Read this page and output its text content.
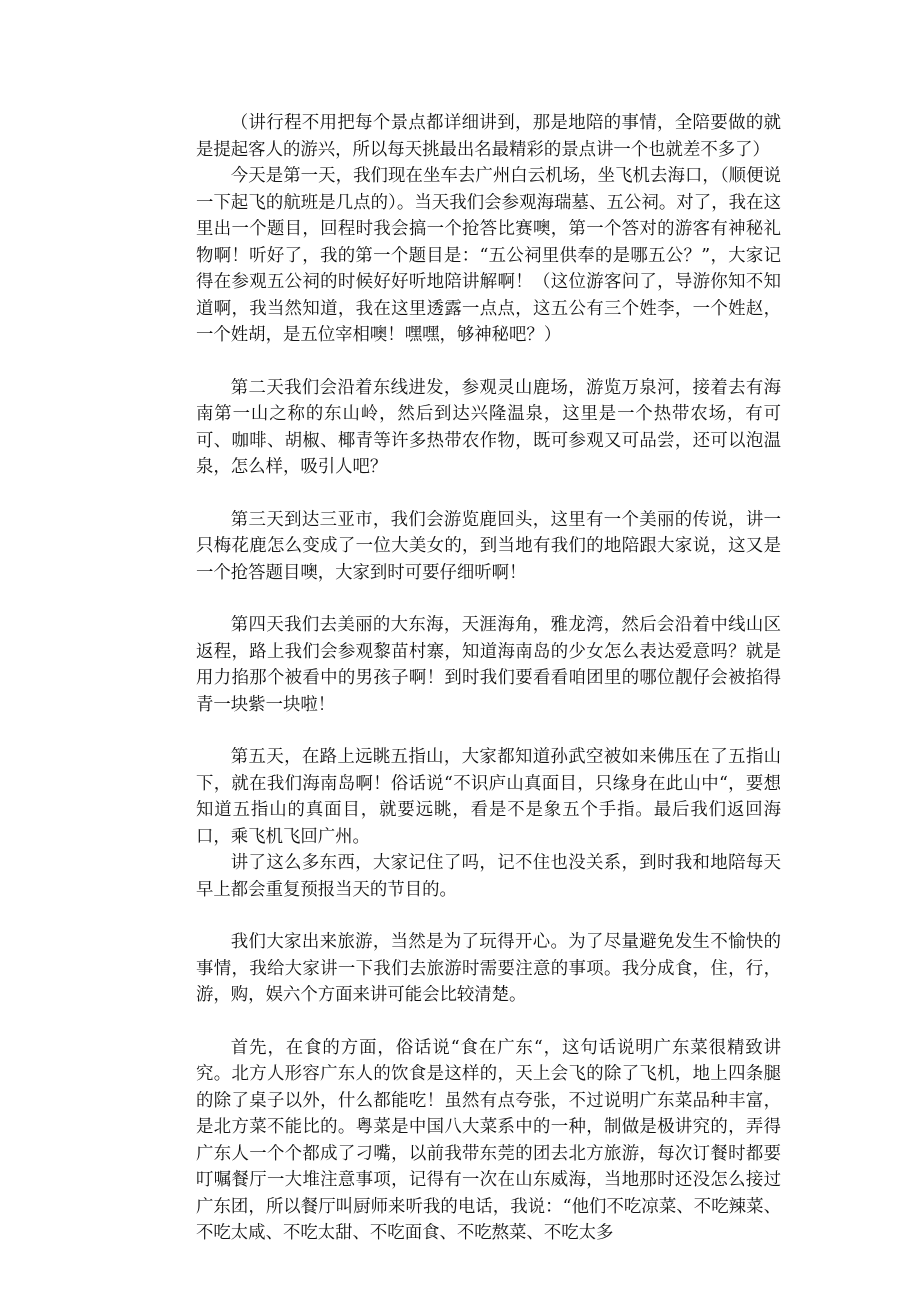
（讲行程不用把每个景点都详细讲到，那是地陪的事情，全陪要做的就是提起客人的游兴，所以每天挑最出名最精彩的景点讲一个也就差不多了）

今天是第一天，我们现在坐车去广州白云机场，坐飞机去海口，（顺便说一下起飞的航班是几点的）。当天我们会参观海瑞墓、五公祠。对了，我在这里出一个题目，回程时我会搞一个抢答比赛噢，第一个答对的游客有神秘礼物啊！听好了，我的第一个题目是：“五公祠里供奉的是哪五公？”，大家记得在参观五公祠的时候好好听地陪讲解啊！（这位游客问了，导游你知不知道啊，我当然知道，我在这里透露一点点，这五公有三个姓李，一个姓赵，一个姓胡，是五位宰相噢！嘿嘿，够神秘吧？）

第二天我们会沿着东线进发，参观灵山鹿场，游览万泉河，接着去有海南第一山之称的东山岭，然后到达兴隆温泉，这里是一个热带农场，有可可、咖啡、胡椒、椰青等许多热带农作物，既可参观又可品尝，还可以泡温泉，怎么样，吸引人吧？

第三天到达三亚市，我们会游览鹿回头，这里有一个美丽的传说，讲一只梅花鹿怎么变成了一位大美女的，到当地有我们的地陪跟大家说，这又是一个抢答题目噢，大家到时可要仔细听啊！

第四天我们去美丽的大东海，天涯海角，雅龙湾，然后会沿着中线山区返程，路上我们会参观黎苗村寨，知道海南岛的少女怎么表达爱意吗？就是用力掐那个被看中的男孩子啊！到时我们要看看咱团里的哪位靓仔会被掐得青一块紫一块啦！

第五天，在路上远眺五指山，大家都知道孙武空被如来佛压在了五指山下，就在我们海南岛啊！俗话说“不识庐山真面目，只缘身在此山中“，要想知道五指山的真面目，就要远眺，看是不是象五个手指。最后我们返回海口，乘飞机飞回广州。

讲了这么多东西，大家记住了吗，记不住也没关系，到时我和地陪每天早上都会重复预报当天的节目的。

我们大家出来旅游，当然是为了玩得开心。为了尽量避免发生不愉快的事情，我给大家讲一下我们去旅游时需要注意的事项。我分成食，住，行，游，购，娱六个方面来讲可能会比较清楚。

首先，在食的方面，俗话说“食在广东“，这句话说明广东菜很精致讲究。北方人形容广东人的饮食是这样的，天上会飞的除了飞机，地上四条腿的除了桌子以外，什么都能吃！虽然有点夸张，不过说明广东菜品种丰富，是北方菜不能比的。粤菜是中国八大菜系中的一种，制做是极讲究的，弄得广东人一个个都成了刁嘴，以前我带东莞的团去北方旅游，每次订餐时都要叮嘱餐厅一大堆注意事项，记得有一次在山东威海，当地那时还没怎么接过广东团，所以餐厅叫厨师来听我的电话，我说：“他们不吃凉菜、不吃辣菜、不吃太咸、不吃太甜、不吃面食、不吃熬菜、不吃太多
